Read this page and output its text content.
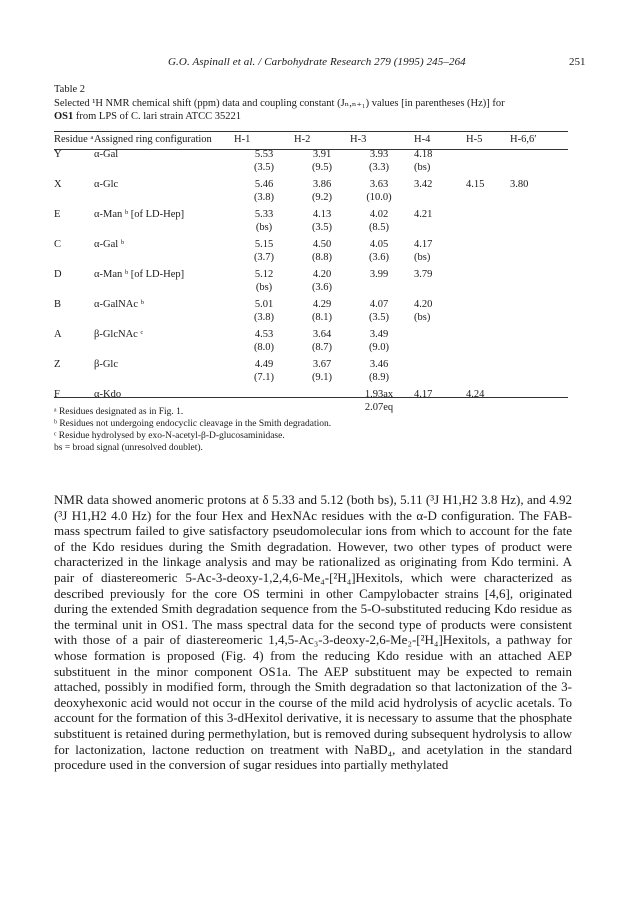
G.O. Aspinall et al. / Carbohydrate Research 279 (1995) 245–264	251
Table 2
Selected ¹H NMR chemical shift (ppm) data and coupling constant (Jₙ,ₙ₊₁) values [in parentheses (Hz)] for
OS1 from LPS of C. lari strain ATCC 35221
Residue ᵃ	Assigned ring configuration	H-1	H-2	H-3	H-4	H-5	H-6,6′
Y	α-Gal	5.53	3.91	3.93	4.18		
		(3.5)	(9.5)	(3.3)	(bs)		

X	α-Glc	5.46	3.86	3.63	3.42	4.15	3.80
		(3.8)	(9.2)	(10.0)			

E	α-Man ᵇ [of LD-Hep]	5.33	4.13	4.02	4.21		
		(bs)	(3.5)	(8.5)			

C	α-Gal ᵇ	5.15	4.50	4.05	4.17		
		(3.7)	(8.8)	(3.6)	(bs)		

D	α-Man ᵇ [of LD-Hep]	5.12	4.20	3.99	3.79		
		(bs)	(3.6)				

B	α-GalNAc ᵇ	5.01	4.29	4.07	4.20		
		(3.8)	(8.1)	(3.5)	(bs)		

A	β-GlcNAc ᶜ	4.53	3.64	3.49			
		(8.0)	(8.7)	(9.0)			

Z	β-Glc	4.49	3.67	3.46			
		(7.1)	(9.1)	(8.9)			

F	α-Kdo			1.93ax	4.17	4.24	
				2.07eq			
ᵃ Residues designated as in Fig. 1.
ᵇ Residues not undergoing endocyclic cleavage in the Smith degradation.
ᶜ Residue hydrolysed by exo-N-acetyl-β-D-glucosaminidase.
bs = broad signal (unresolved doublet).

NMR data showed anomeric protons at δ 5.33 and 5.12 (both bs), 5.11 (³J H1,H2 3.8 Hz), and 4.92 (³J H1,H2 4.0 Hz) for the four Hex and HexNAc residues with the α-D configuration. The FAB-mass spectrum failed to give satisfactory pseudomolecular ions from which to account for the fate of the Kdo residues during the Smith degradation. However, two other types of product were characterized in the linkage analysis and may be rationalized as originating from Kdo termini. A pair of diastereomeric 5-Ac-3-deoxy-1,2,4,6-Me₄-[²H₄]Hexitols, which were characterized as described previously for the core OS termini in other Campylobacter strains [4,6], originated during the extended Smith degradation sequence from the 5-O-substituted reducing Kdo residue as the terminal unit in OS1. The mass spectral data for the second type of products were consistent with those of a pair of diastereomeric 1,4,5-Ac₃-3-deoxy-2,6-Me₂-[²H₄]Hexitols, a pathway for whose formation is proposed (Fig. 4) from the reducing Kdo residue with an attached AEP substituent in the minor component OS1a. The AEP substituent may be expected to remain attached, possibly in modified form, through the Smith degradation so that lactonization of the 3-deoxyhexonic acid would not occur in the course of the mild acid hydrolysis of acyclic acetals. To account for the formation of this 3-dHexitol derivative, it is necessary to assume that the phosphate substituent is retained during permethylation, but is removed during subsequent hydrolysis to allow for lactonization, lactone reduction on treatment with NaBD₄, and acetylation in the standard procedure used in the conversion of sugar residues into partially methylated
